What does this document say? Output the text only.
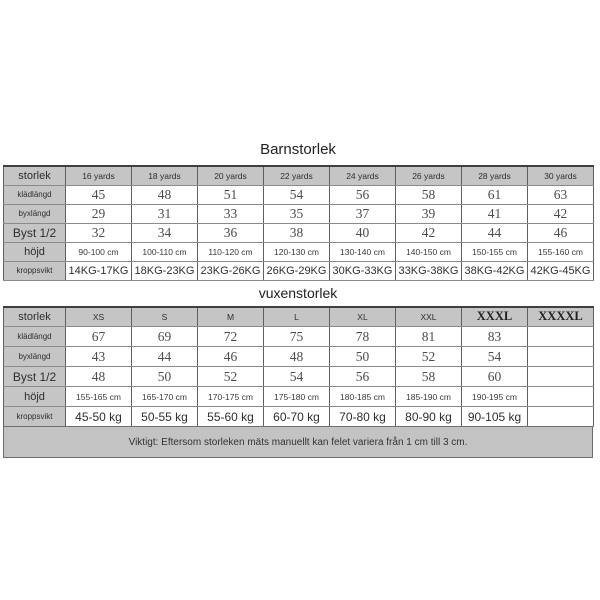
Barnstorlek
storlek	16 yards	18 yards	20 yards	22 yards	24 yards	26 yards	28 yards	30 yards
klädlängd	45	48	51	54	56	58	61	63
byxlängd	29	31	33	35	37	39	41	42
Byst 1/2	32	34	36	38	40	42	44	46
höjd	90-100 cm	100-110 cm	110-120 cm	120-130 cm	130-140 cm	140-150 cm	150-155 cm	155-160 cm
kroppsvikt	14KG-17KG	18KG-23KG	23KG-26KG	26KG-29KG	30KG-33KG	33KG-38KG	38KG-42KG	42KG-45KG
vuxenstorlek
storlek	XS	S	M	L	XL	XXL	XXXL	XXXXL
klädlängd	67	69	72	75	78	81	83	
byxlängd	43	44	46	48	50	52	54	
Byst 1/2	48	50	52	54	56	58	60	
höjd	155-165 cm	165-170 cm	170-175 cm	175-180 cm	180-185 cm	185-190 cm	190-195 cm	
kroppsvikt	45-50 kg	50-55 kg	55-60 kg	60-70 kg	70-80 kg	80-90 kg	90-105 kg	
Viktigt: Eftersom storleken mäts manuellt kan felet variera från 1 cm till 3 cm.
